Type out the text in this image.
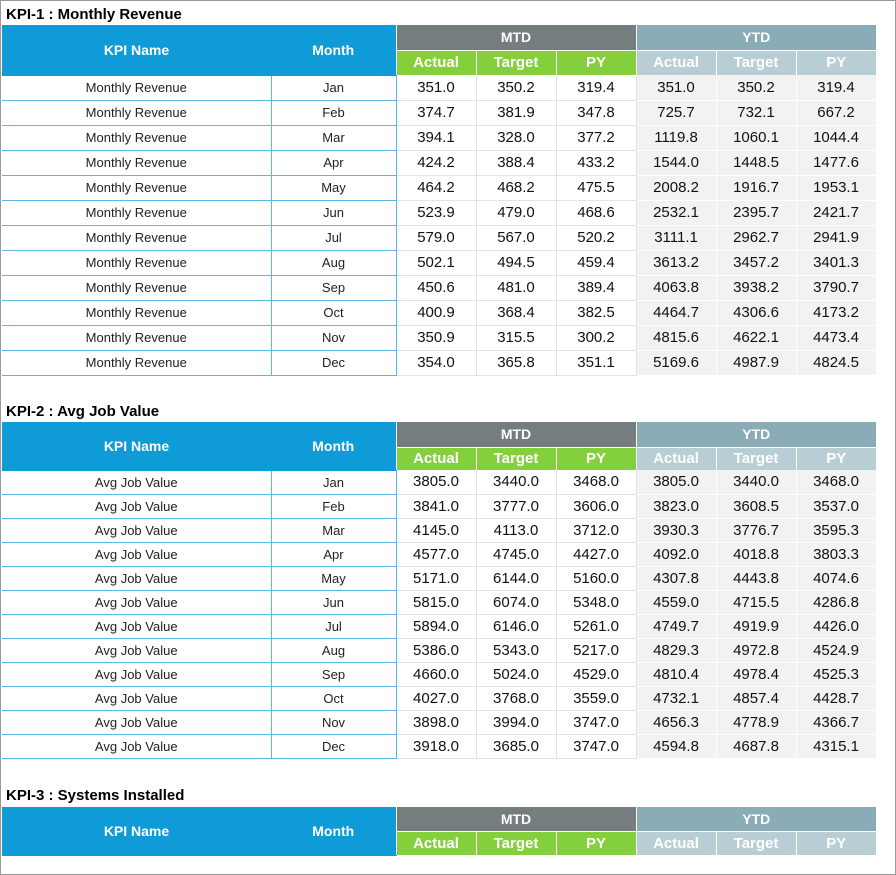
KPI-1 : Monthly Revenue
KPI Name	Month	MTD			YTD		
		Actual	Target	PY	Actual	Target	PY
Monthly Revenue	Jan	351.0	350.2	319.4	351.0	350.2	319.4
Monthly Revenue	Feb	374.7	381.9	347.8	725.7	732.1	667.2
Monthly Revenue	Mar	394.1	328.0	377.2	1119.8	1060.1	1044.4
Monthly Revenue	Apr	424.2	388.4	433.2	1544.0	1448.5	1477.6
Monthly Revenue	May	464.2	468.2	475.5	2008.2	1916.7	1953.1
Monthly Revenue	Jun	523.9	479.0	468.6	2532.1	2395.7	2421.7
Monthly Revenue	Jul	579.0	567.0	520.2	3111.1	2962.7	2941.9
Monthly Revenue	Aug	502.1	494.5	459.4	3613.2	3457.2	3401.3
Monthly Revenue	Sep	450.6	481.0	389.4	4063.8	3938.2	3790.7
Monthly Revenue	Oct	400.9	368.4	382.5	4464.7	4306.6	4173.2
Monthly Revenue	Nov	350.9	315.5	300.2	4815.6	4622.1	4473.4
Monthly Revenue	Dec	354.0	365.8	351.1	5169.6	4987.9	4824.5
KPI-2 : Avg Job Value
KPI Name	Month	MTD			YTD		
		Actual	Target	PY	Actual	Target	PY
Avg Job Value	Jan	3805.0	3440.0	3468.0	3805.0	3440.0	3468.0
Avg Job Value	Feb	3841.0	3777.0	3606.0	3823.0	3608.5	3537.0
Avg Job Value	Mar	4145.0	4113.0	3712.0	3930.3	3776.7	3595.3
Avg Job Value	Apr	4577.0	4745.0	4427.0	4092.0	4018.8	3803.3
Avg Job Value	May	5171.0	6144.0	5160.0	4307.8	4443.8	4074.6
Avg Job Value	Jun	5815.0	6074.0	5348.0	4559.0	4715.5	4286.8
Avg Job Value	Jul	5894.0	6146.0	5261.0	4749.7	4919.9	4426.0
Avg Job Value	Aug	5386.0	5343.0	5217.0	4829.3	4972.8	4524.9
Avg Job Value	Sep	4660.0	5024.0	4529.0	4810.4	4978.4	4525.3
Avg Job Value	Oct	4027.0	3768.0	3559.0	4732.1	4857.4	4428.7
Avg Job Value	Nov	3898.0	3994.0	3747.0	4656.3	4778.9	4366.7
Avg Job Value	Dec	3918.0	3685.0	3747.0	4594.8	4687.8	4315.1
KPI-3 : Systems Installed
KPI Name	Month	MTD			YTD		
		Actual	Target	PY	Actual	Target	PY
